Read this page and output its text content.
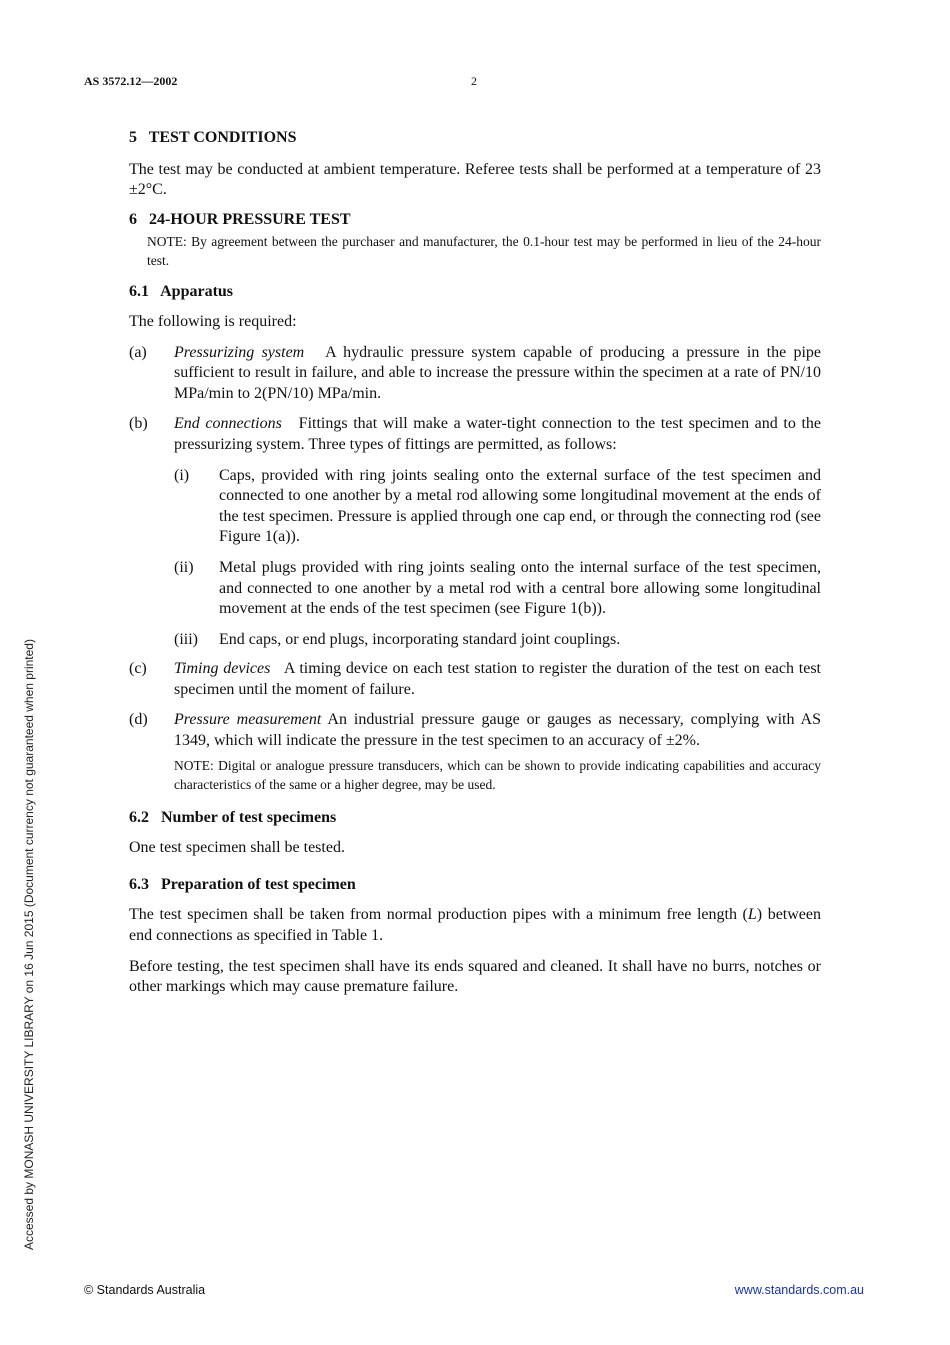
AS 3572.12—2002	2

5   TEST CONDITIONS

The test may be conducted at ambient temperature. Referee tests shall be performed at a temperature of 23 ±2°C.

6   24-HOUR PRESSURE TEST

NOTE: By agreement between the purchaser and manufacturer, the 0.1-hour test may be performed in lieu of the 24-hour test.

6.1   Apparatus

The following is required:

(a) Pressurizing system A hydraulic pressure system capable of producing a pressure in the pipe sufficient to result in failure, and able to increase the pressure within the specimen at a rate of PN/10 MPa/min to 2(PN/10) MPa/min.
(b) End connections Fittings that will make a water-tight connection to the test specimen and to the pressurizing system. Three types of fittings are permitted, as follows:
(i) Caps, provided with ring joints sealing onto the external surface of the test specimen and connected to one another by a metal rod allowing some longitudinal movement at the ends of the test specimen. Pressure is applied through one cap end, or through the connecting rod (see Figure 1(a)).
(ii) Metal plugs provided with ring joints sealing onto the internal surface of the test specimen, and connected to one another by a metal rod with a central bore allowing some longitudinal movement at the ends of the test specimen (see Figure 1(b)).
(iii) End caps, or end plugs, incorporating standard joint couplings.
(c) Timing devices A timing device on each test station to register the duration of the test on each test specimen until the moment of failure.
(d) Pressure measurement An industrial pressure gauge or gauges as necessary, complying with AS 1349, which will indicate the pressure in the test specimen to an accuracy of ±2%.

NOTE: Digital or analogue pressure transducers, which can be shown to provide indicating capabilities and accuracy characteristics of the same or a higher degree, may be used.

6.2   Number of test specimens

One test specimen shall be tested.

6.3   Preparation of test specimen

The test specimen shall be taken from normal production pipes with a minimum free length (L) between end connections as specified in Table 1.

Before testing, the test specimen shall have its ends squared and cleaned. It shall have no burrs, notches or other markings which may cause premature failure.

Accessed by MONASH UNIVERSITY LIBRARY on 16 Jun 2015 (Document currency not guaranteed when printed)
© Standards Australia	www.standards.com.au
